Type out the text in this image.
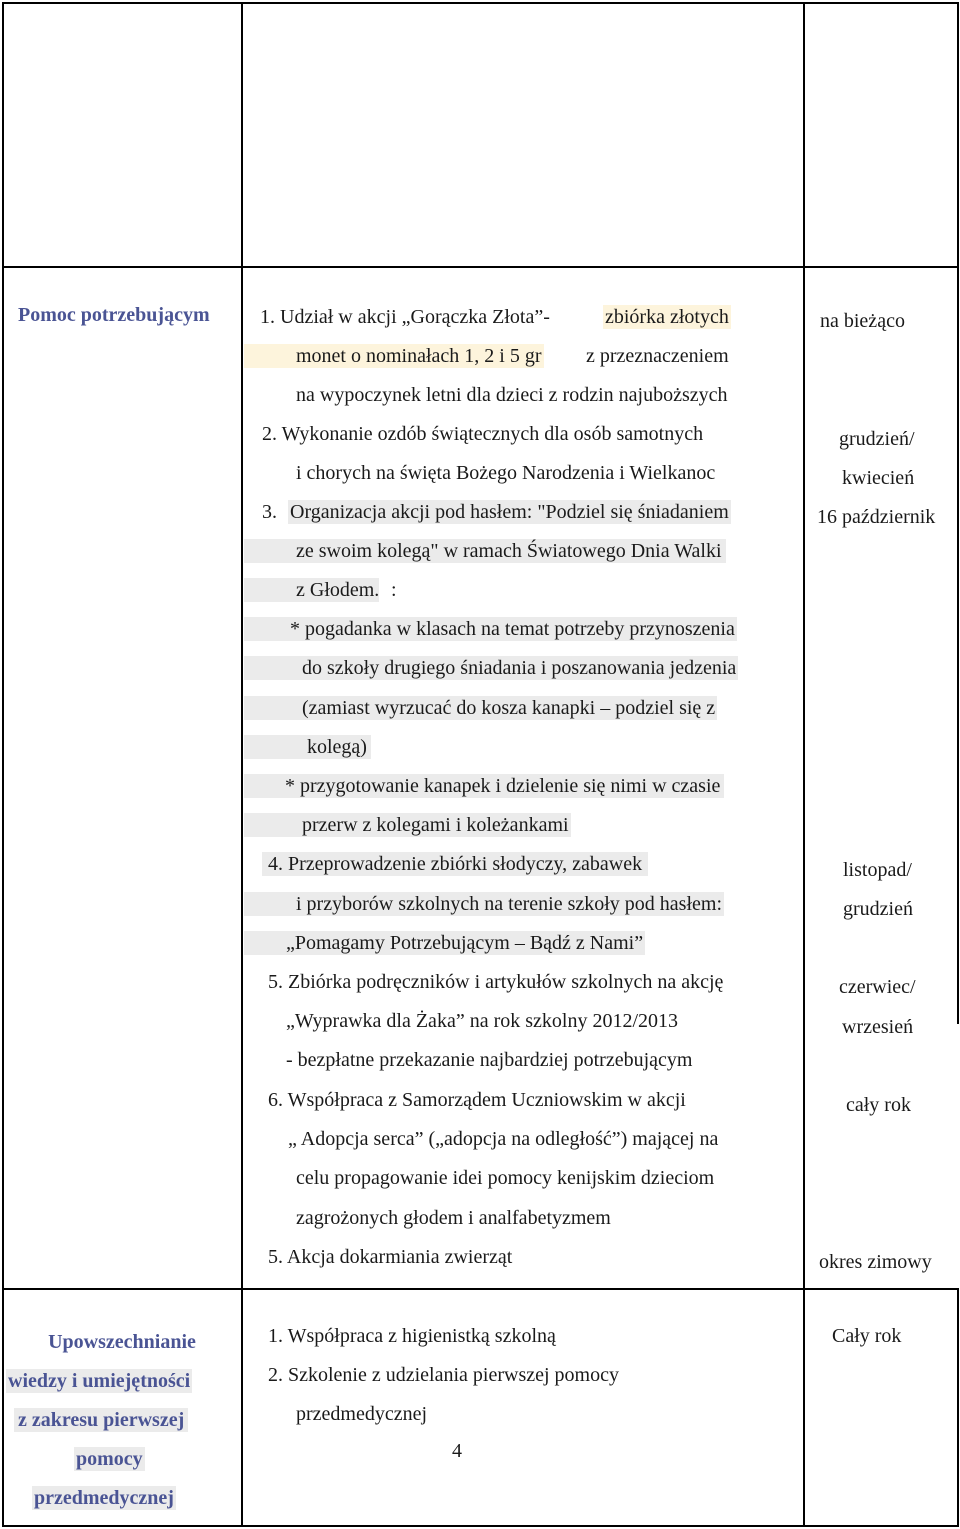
Pomoc potrzebującym	1. Udział w akcji „Gorączka Złota”-	zbiórka złotych
monet o nominałach 1, 2 i 5 gr z przeznaczeniem
na wypoczynek letni dla dzieci z rodzin najuboższych
2. Wykonanie ozdób świątecznych dla osób samotnych
i chorych na święta Bożego Narodzenia i Wielkanoc
3. Organizacja akcji pod hasłem: "Podziel się śniadaniem
ze swoim kolegą" w ramach Światowego Dnia Walki
z Głodem. :
* pogadanka w klasach na temat potrzeby przynoszenia
do szkoły drugiego śniadania i poszanowania jedzenia
(zamiast wyrzucać do kosza kanapki – podziel się z
kolegą)
* przygotowanie kanapek i dzielenie się nimi w czasie
przerw z kolegami i koleżankami
4. Przeprowadzenie zbiórki słodyczy, zabawek
i przyborów szkolnych na terenie szkoły pod hasłem:
„Pomagamy Potrzebującym – Bądź z Nami”
5. Zbiórka podręczników i artykułów szkolnych na akcję
„Wyprawka dla Żaka” na rok szkolny 2012/2013
- bezpłatne przekazanie najbardziej potrzebującym
6. Współpraca z Samorządem Uczniowskim w akcji
„ Adopcja serca” („adopcja na odległość”) mającej na
celu propagowanie idei pomocy kenijskim dzieciom
zagrożonych głodem i analfabetyzmem
5. Akcja dokarmiania zwierząt
na bieżąco
grudzień/
kwiecień
16 październik
listopad/
grudzień
czerwiec/
wrzesień
cały rok
okres zimowy
Upowszechnianie
wiedzy i umiejętności
z zakresu pierwszej
pomocy
przedmedycznej
1. Współpraca z higienistką szkolną
2. Szkolenie z udzielania pierwszej pomocy
przedmedycznej
Cały rok
4
